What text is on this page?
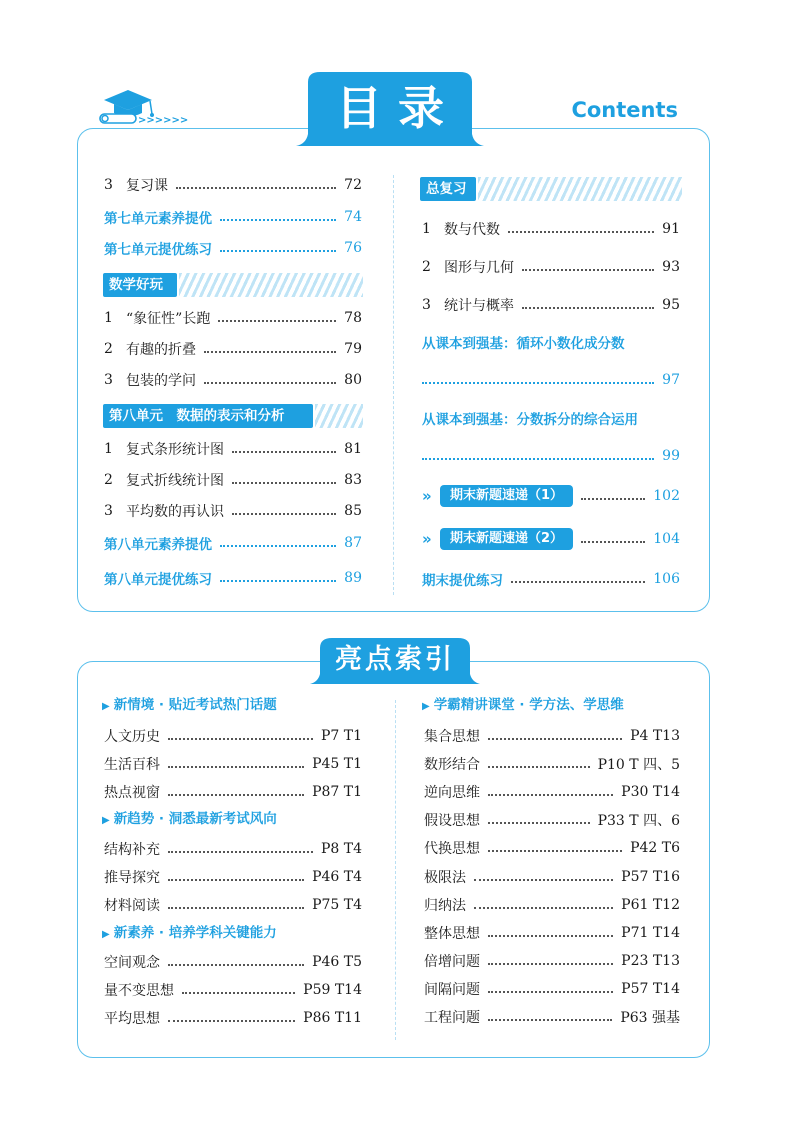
>>>>>>	目录	Contents
3 复习课	72
第七单元素养提优	74
第七单元提优练习	76
数学好玩
1 “象征性”长跑	78
2 有趣的折叠	79
3 包装的学问	80
第八单元　数据的表示和分析
1 复式条形统计图	81
2 复式折线统计图	83
3 平均数的再认识	85
第八单元素养提优	87
第八单元提优练习	89
总复习
1 数与代数	91
2 图形与几何	93
3 统计与概率	95
从课本到强基：循环小数化成分数
97
从课本到强基：分数拆分的综合运用
99
»	期末新题速递（1）	102
»	期末新题速递（2）	104
期末提优练习	106
亮点索引
▶ 新情境 · 贴近考试热门话题
人文历史	P7 T1
生活百科	P45 T1
热点视窗	P87 T1
▶ 新趋势 · 洞悉最新考试风向
结构补充	P8 T4
推导探究	P46 T4
材料阅读	P75 T4
▶ 新素养 · 培养学科关键能力
空间观念	P46 T5
量不变思想	P59 T14
平均思想	P86 T11
▶ 学霸精讲课堂 · 学方法、学思维
集合思想	P4 T13
数形结合	P10 T 四、5
逆向思维	P30 T14
假设思想	P33 T 四、6
代换思想	P42 T6
极限法	P57 T16
归纳法	P61 T12
整体思想	P71 T14
倍增问题	P23 T13
间隔问题	P57 T14
工程问题	P63 强基
